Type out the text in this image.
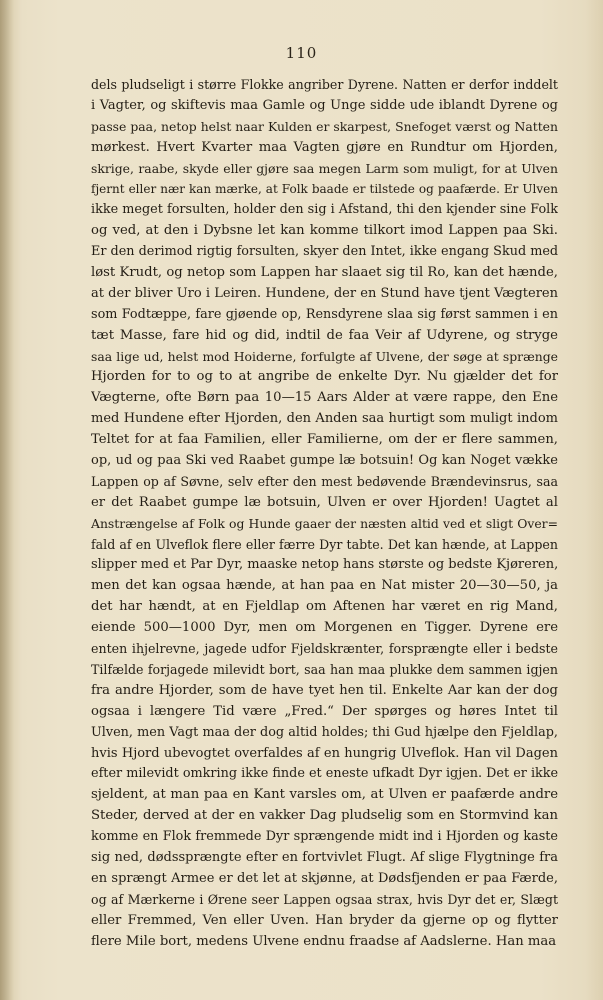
110
dels pludseligt i større Flokke angriber Dyrene. Natten er derfor inddelt
i Vagter, og skiftevis maa Gamle og Unge sidde ude iblandt Dyrene og
passe paa, netop helst naar Kulden er skarpest, Snefoget værst og Natten
mørkest. Hvert Kvarter maa Vagten gjøre en Rundtur om Hjorden,
skrige, raabe, skyde eller gjøre saa megen Larm som muligt, for at Ulven
fjernt eller nær kan mærke, at Folk baade er tilstede og paafærde. Er Ulven
ikke meget forsulten, holder den sig i Afstand, thi den kjender sine Folk
og ved, at den i Dybsne let kan komme tilkort imod Lappen paa Ski.
Er den derimod rigtig forsulten, skyer den Intet, ikke engang Skud med
løst Krudt, og netop som Lappen har slaaet sig til Ro, kan det hænde,
at der bliver Uro i Leiren. Hundene, der en Stund have tjent Vægteren
som Fodtæppe, fare gjøende op, Rensdyrene slaa sig først sammen i en
tæt Masse, fare hid og did, indtil de faa Veir af Udyrene, og stryge
saa lige ud, helst mod Hoiderne, forfulgte af Ulvene, der søge at sprænge
Hjorden for to og to at angribe de enkelte Dyr. Nu gjælder det for
Vægterne, ofte Børn paa 10—15 Aars Alder at være rappe, den Ene
med Hundene efter Hjorden, den Anden saa hurtigt som muligt indom
Teltet for at faa Familien, eller Familierne, om der er flere sammen,
op, ud og paa Ski ved Raabet gumpe læ botsuin! Og kan Noget vække
Lappen op af Søvne, selv efter den mest bedøvende Brændevinsrus, saa
er det Raabet gumpe læ botsuin, Ulven er over Hjorden! Uagtet al
Anstrængelse af Folk og Hunde gaaer der næsten altid ved et sligt Over=
fald af en Ulveflok flere eller færre Dyr tabte. Det kan hænde, at Lappen
slipper med et Par Dyr, maaske netop hans største og bedste Kjøreren,
men det kan ogsaa hænde, at han paa en Nat mister 20—30—50, ja
det har hændt, at en Fjeldlap om Aftenen har været en rig Mand,
eiende 500—1000 Dyr, men om Morgenen en Tigger. Dyrene ere
enten ihjelrevne, jagede udfor Fjeldskrænter, forsprængte eller i bedste
Tilfælde forjagede milevidt bort, saa han maa plukke dem sammen igjen
fra andre Hjorder, som de have tyet hen til. Enkelte Aar kan der dog
ogsaa i længere Tid være „Fred.“ Der spørges og høres Intet til
Ulven, men Vagt maa der dog altid holdes; thi Gud hjælpe den Fjeldlap,
hvis Hjord ubevogtet overfaldes af en hungrig Ulveflok. Han vil Dagen
efter milevidt omkring ikke finde et eneste ufkadt Dyr igjen. Det er ikke
sjeldent, at man paa en Kant varsles om, at Ulven er paafærde andre
Steder, derved at der en vakker Dag pludselig som en Stormvind kan
komme en Flok fremmede Dyr sprængende midt ind i Hjorden og kaste
sig ned, dødssprængte efter en fortvivlet Flugt. Af slige Flygtninge fra
en sprængt Armee er det let at skjønne, at Dødsfjenden er paa Færde,
og af Mærkerne i Ørene seer Lappen ogsaa strax, hvis Dyr det er, Slægt
eller Fremmed, Ven eller Uven. Han bryder da gjerne op og flytter
flere Mile bort, medens Ulvene endnu fraadse af Aadslerne. Han maa
